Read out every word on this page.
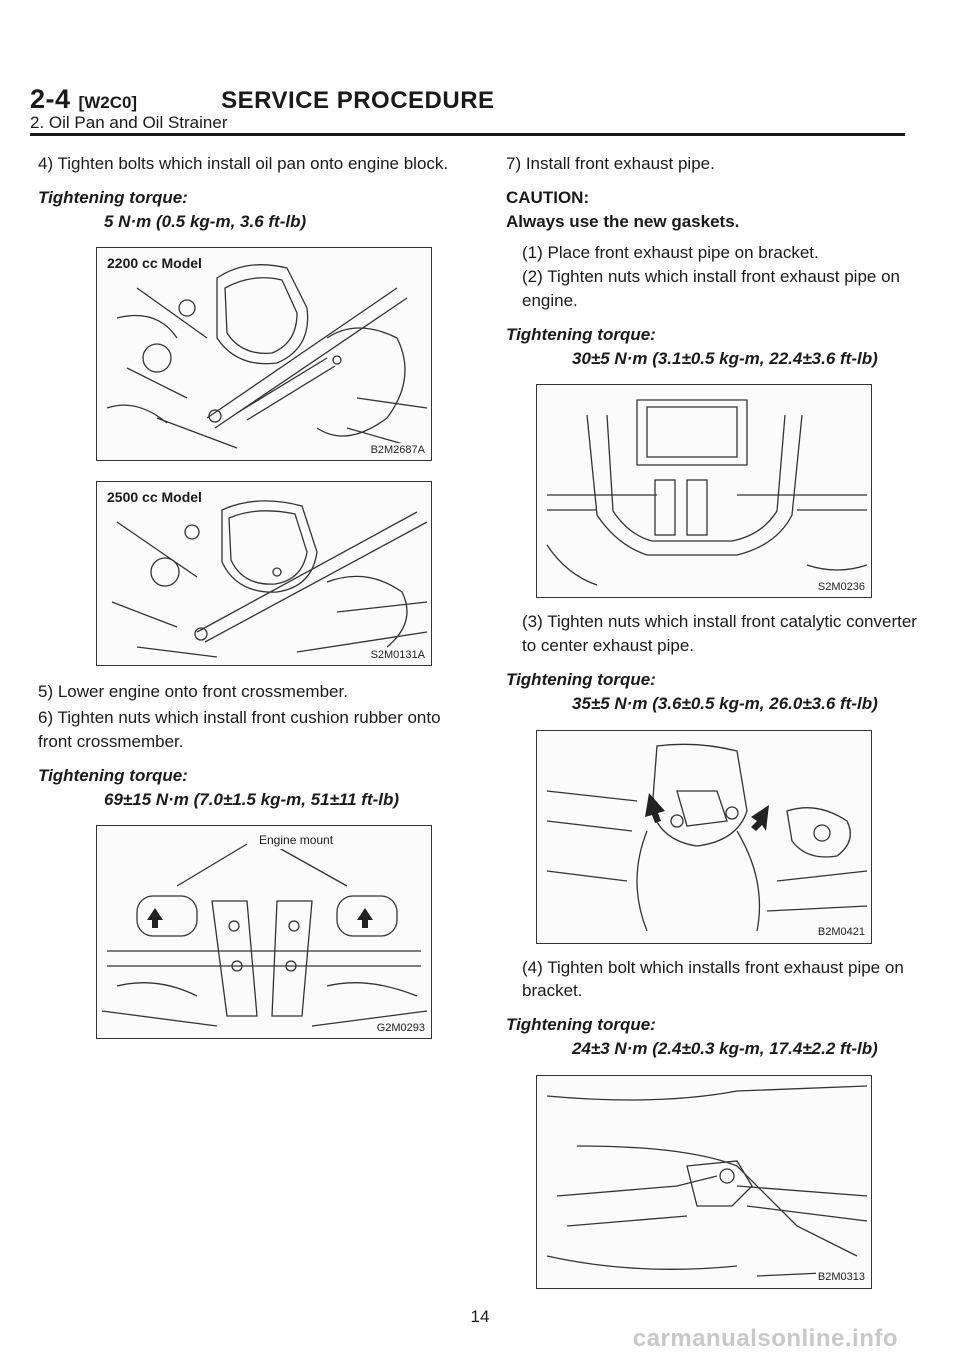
2-4 [W2C0]	SERVICE PROCEDURE
2. Oil Pan and Oil Strainer

4) Tighten bolts which install oil pan onto engine block.

Tightening torque:

5 N·m (0.5 kg-m, 3.6 ft-lb)

2200 cc Model
B2M2687A
2500 cc Model
S2M0131A

5) Lower engine onto front crossmember.

6) Tighten nuts which install front cushion rubber onto front crossmember.

Tightening torque:

69±15 N·m (7.0±1.5 kg-m, 51±11 ft-lb)

Engine mount
G2M0293

7) Install front exhaust pipe.

CAUTION:

Always use the new gaskets.

(1) Place front exhaust pipe on bracket.

(2) Tighten nuts which install front exhaust pipe on engine.

Tightening torque:

30±5 N·m (3.1±0.5 kg-m, 22.4±3.6 ft-lb)

S2M0236

(3) Tighten nuts which install front catalytic converter to center exhaust pipe.

Tightening torque:

35±5 N·m (3.6±0.5 kg-m, 26.0±3.6 ft-lb)

B2M0421

(4) Tighten bolt which installs front exhaust pipe on bracket.

Tightening torque:

24±3 N·m (2.4±0.3 kg-m, 17.4±2.2 ft-lb)

B2M0313
14
carmanualsonline.info
